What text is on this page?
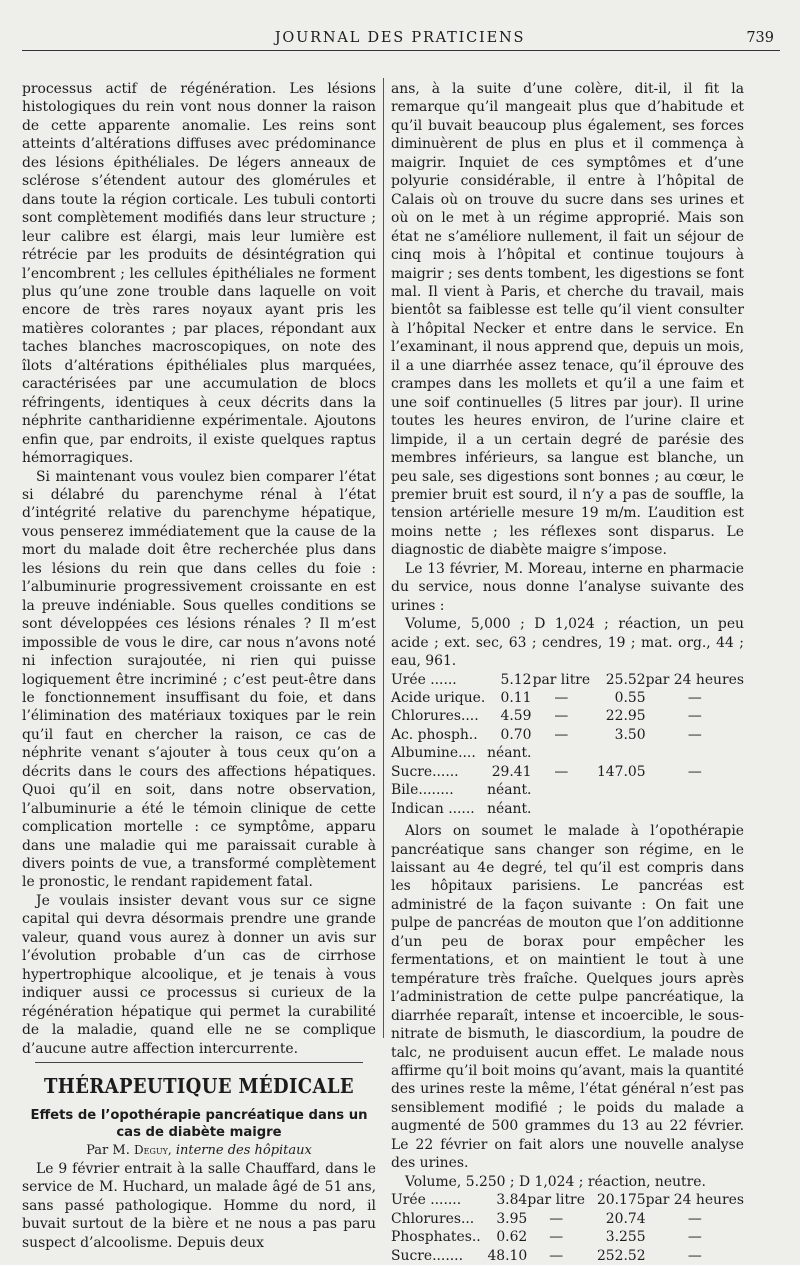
JOURNAL DES PRATICIENS	739

processus actif de régénération. Les lésions histologiques du rein vont nous donner la raison de cette apparente anomalie. Les reins sont atteints d’altérations diffuses avec prédominance des lésions épithéliales. De légers anneaux de sclérose s’étendent autour des glomérules et dans toute la région corticale. Les tubuli contorti sont complètement modifiés dans leur structure ; leur calibre est élargi, mais leur lumière est rétrécie par les produits de désintégration qui l’encombrent ; les cellules épithéliales ne forment plus qu’une zone trouble dans laquelle on voit encore de très rares noyaux ayant pris les matières colorantes ; par places, répondant aux taches blanches macroscopiques, on note des îlots d’altérations épithéliales plus marquées, caractérisées par une accumulation de blocs réfringents, identiques à ceux décrits dans la néphrite cantharidienne expérimentale. Ajoutons enfin que, par endroits, il existe quelques raptus hémorragiques.

Si maintenant vous voulez bien comparer l’état si délabré du parenchyme rénal à l’état d’intégrité relative du parenchyme hépatique, vous penserez immédiatement que la cause de la mort du malade doit être recherchée plus dans les lésions du rein que dans celles du foie : l’albuminurie progressivement croissante en est la preuve indéniable. Sous quelles conditions se sont développées ces lésions rénales ? Il m’est impossible de vous le dire, car nous n’avons noté ni infection surajoutée, ni rien qui puisse logiquement être incriminé ; c’est peut-être dans le fonctionnement insuffisant du foie, et dans l’élimination des matériaux toxiques par le rein qu’il faut en chercher la raison, ce cas de néphrite venant s’ajouter à tous ceux qu’on a décrits dans le cours des affections hépatiques. Quoi qu’il en soit, dans notre observation, l’albuminurie a été le témoin clinique de cette complication mortelle : ce symptôme, apparu dans une maladie qui me paraissait curable à divers points de vue, a transformé complètement le pronostic, le rendant rapidement fatal.

Je voulais insister devant vous sur ce signe capital qui devra désormais prendre une grande valeur, quand vous aurez à donner un avis sur l’évolution probable d’un cas de cirrhose hypertrophique alcoolique, et je tenais à vous indiquer aussi ce processus si curieux de la régénération hépatique qui permet la curabilité de la maladie, quand elle ne se complique d’aucune autre affection intercurrente.

THÉRAPEUTIQUE MÉDICALE
Effets de l’opothérapie pancréatique dans un cas de diabète maigre
Par M. Deguy, interne des hôpitaux

Le 9 février entrait à la salle Chauffard, dans le service de M. Huchard, un malade âgé de 51 ans, sans passé pathologique. Homme du nord, il buvait surtout de la bière et ne nous a pas paru suspect d’alcoolisme. Depuis deux

ans, à la suite d’une colère, dit-il, il fit la remarque qu’il mangeait plus que d’habitude et qu’il buvait beaucoup plus également, ses forces diminuèrent de plus en plus et il commença à maigrir. Inquiet de ces symptômes et d’une polyurie considérable, il entre à l’hôpital de Calais où on trouve du sucre dans ses urines et où on le met à un régime approprié. Mais son état ne s’améliore nullement, il fait un séjour de cinq mois à l’hôpital et continue toujours à maigrir ; ses dents tombent, les digestions se font mal. Il vient à Paris, et cherche du travail, mais bientôt sa faiblesse est telle qu’il vient consulter à l’hôpital Necker et entre dans le service. En l’examinant, il nous apprend que, depuis un mois, il a une diarrhée assez tenace, qu’il éprouve des crampes dans les mollets et qu’il a une faim et une soif continuelles (5 litres par jour). Il urine toutes les heures environ, de l’urine claire et limpide, il a un certain degré de parésie des membres inférieurs, sa langue est blanche, un peu sale, ses digestions sont bonnes ; au cœur, le premier bruit est sourd, il n’y a pas de souffle, la tension artérielle mesure 19 m/m. L’audition est moins nette ; les réflexes sont disparus. Le diagnostic de diabète maigre s’impose.

Le 13 février, M. Moreau, interne en pharmacie du service, nous donne l’analyse suivante des urines :

Volume, 5,000 ; D 1,024 ; réaction, un peu acide ; ext. sec, 63 ; cendres, 19 ; mat. org., 44 ; eau, 961.

Urée ......	5.12	par litre	25.52	par 24 heures
Acide urique.	0.11	—	0.55	—
Chlorures....	4.59	—	22.95	—
Ac. phosph..	0.70	—	3.50	—
Albumine....	néant.			
Sucre......	29.41	—	147.05	—
Bile........	néant.			
Indican ......	néant.			

Alors on soumet le malade à l’opothérapie pancréatique sans changer son régime, en le laissant au 4e degré, tel qu’il est compris dans les hôpitaux parisiens. Le pancréas est administré de la façon suivante : On fait une pulpe de pancréas de mouton que l’on additionne d’un peu de borax pour empêcher les fermentations, et on maintient le tout à une température très fraîche. Quelques jours après l’administration de cette pulpe pancréatique, la diarrhée reparaît, intense et incoercible, le sous-nitrate de bismuth, le diascordium, la poudre de talc, ne produisent aucun effet. Le malade nous affirme qu’il boit moins qu’avant, mais la quantité des urines reste la même, l’état général n’est pas sensiblement modifié ; le poids du malade a augmenté de 500 grammes du 13 au 22 février. Le 22 février on fait alors une nouvelle analyse des urines.

Volume, 5.250 ; D 1,024 ; réaction, neutre.

Urée .......	3.84	par litre	20.175	par 24 heures
Chlorures...	3.95	—	20.74	—
Phosphates..	0.62	—	3.255	—
Sucre.......	48.10	—	252.52	—
